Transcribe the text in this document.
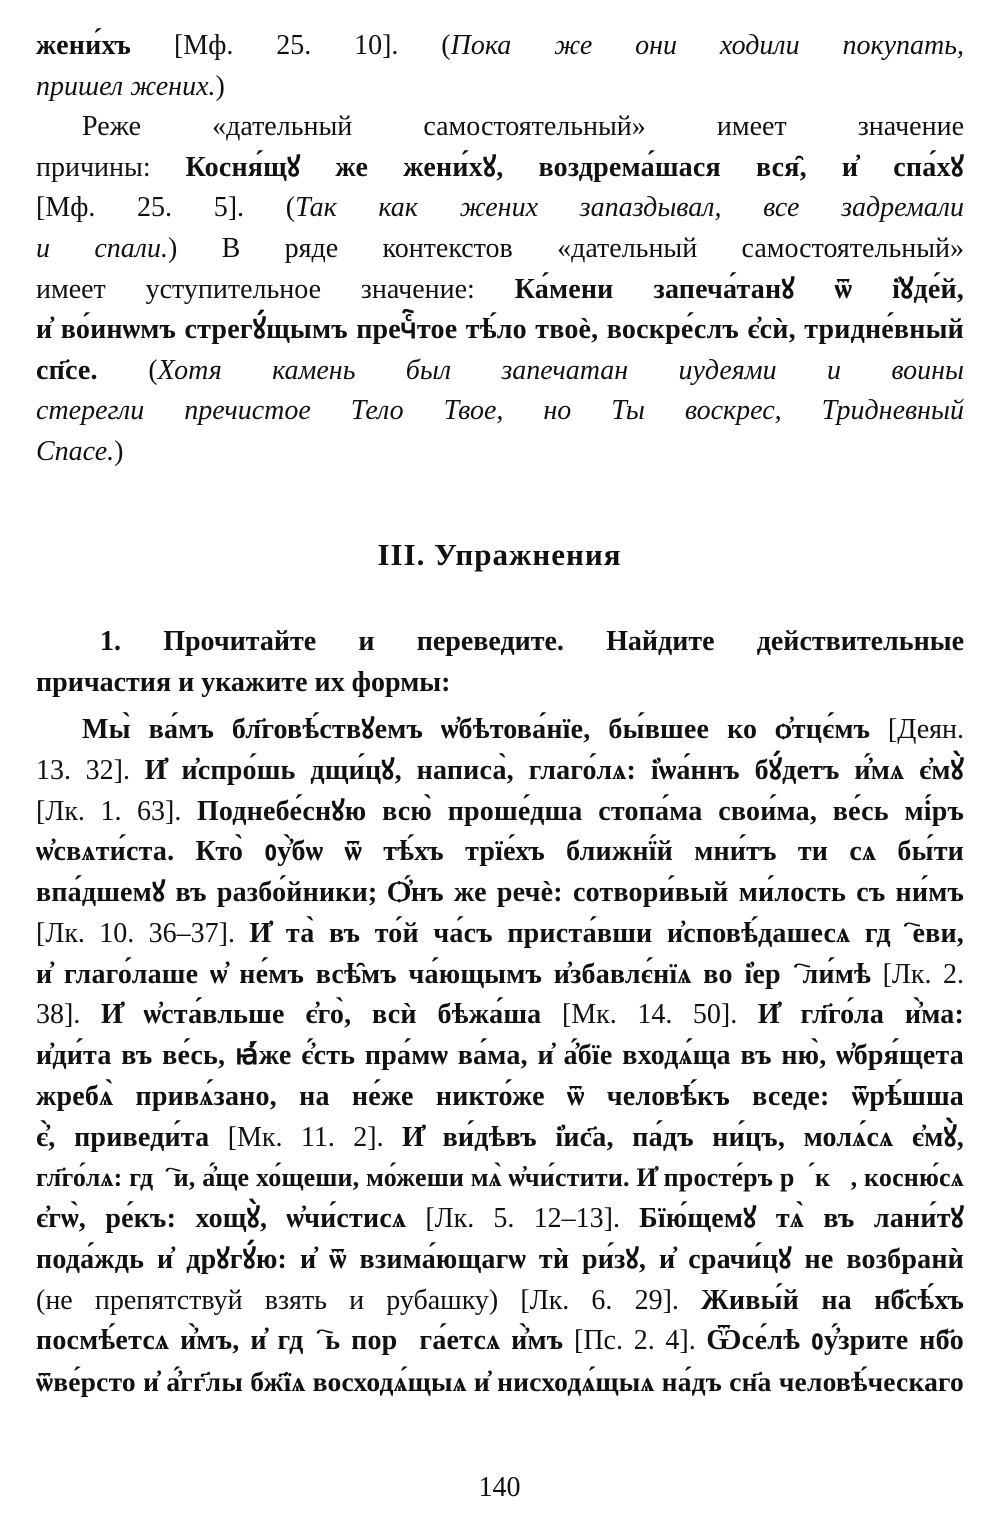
жени́хъ [Мф. 25. 10]. (Пока же они ходили покупать,
пришел жених.)
Реже «дательный самостоятельный» имеет значение
причины: Косня́щꙋ же жени́хꙋ, воздрема́шася вся̑, и҆ спа́хꙋ
[Мф. 25. 5]. (Так как жених запаздывал, все задремали
и спали.) В ряде контекстов «дательный самостоятельный»
имеет уступительное значение: Ка́мени запеча́танꙋ ѿ і҆ꙋде́й,
и҆ во́инѡмъ стрегꙋ́щымъ пречⷭ҇тое тѣ́ло твоѐ, воскре́слъ є҆сѝ, тридне́вный
сп҃се. (Хотя камень был запечатан иудеями и воины
стерегли пречистое Тело Твое, но Ты воскрес, Тридневный
Спасе.)
III. Упражнения
1. Прочитайте и переведите. Найдите действительные
причастия и укажите их формы:
Мы̀ ва́мъ бл҃говѣ́ствꙋемъ ѡ҆бѣтова́нїе, бы́вшее ко ѻ҆тцє́мъ [Деян.
13. 32]. И҆ и҆спро́шь дщи́цꙋ, написа̀, глаго́лѧ: і҆ѡа́ннъ бꙋ́детъ и҆́мѧ є҆мꙋ̀
[Лк. 1. 63]. Поднебе́снꙋю всю̀ проше́дша стопа́ма свои́ма, ве́сь мі́ръ
ѡ҆свѧти́ста. Кто̀ ᲂу҆̀бѡ ѿ тѣ́хъ трїе́хъ ближнї́й мни́тъ ти сѧ бы́ти
впа́дшемꙋ въ разбо́йники; Ѻ҆́нъ же речѐ: сотвори́вый ми́лость съ ни́мъ
[Лк. 10. 36–37]. И҆ та̀ въ то́й ча́съ приста́вши и҆сповѣ́дашесѧ гдⷭ҇еви,
и҆ глаго́лаше ѡ҆ не́мъ всѣ̑мъ ча́ющымъ и҆збавлє́нїѧ во і҆ерⷭ҇ли́мѣ [Лк. 2.
38]. И҆ ѡ҆ста́вльше є҆го̀, всѝ бѣжа́ша [Мк. 14. 50]. И҆ гл҃го́ла и҆̀ма:
и҆ди́та въ ве́сь, ꙗ҆́же є҆́сть пра́мѡ ва́ма, и҆ а҆́бїе входѧ́ща въ ню̀, ѡ҆бря́щета
жребѧ̀ привѧ́зано, на не́же никто́же ѿ человѣ́къ вседе: ѿрѣ́шша
є҆̀, приведи́та [Мк. 11. 2]. И҆ ви́дѣвъ і҆ис҃а, па́дъ ни́цъ, молѧ́сѧ є҆мꙋ̀,
гл҃го́лѧ: гдⷭ҇и, а҆́ще хо́щеши, мо́жеши мѧ̀ ѡ҆чи́стити. И҆ просте́ръ рꙋ́кꙋ, косню́сѧ
є҆гѡ̀, ре́къ: хощꙋ̀, ѡ҆чи́стисѧ [Лк. 5. 12–13]. Бїю́щемꙋ тѧ̀ въ лани́тꙋ
пода́ждь и҆ дрꙋгꙋ́ю: и҆ ѿ взима́ющагѡ тѝ ри́зꙋ, и҆ срачи́цꙋ не возбранѝ
(не препятствуй взять и рубашку) [Лк. 6. 29]. Живы́й на нб҃сѣ́хъ
посмѣ́етсѧ и҆̀мъ, и҆ гдⷭ҇ь порꙋга́етсѧ и҆̀мъ [Пс. 2. 4]. Ѿсе́лѣ ᲂу҆́зрите нб҃о
ѿве́рсто и҆ а҆́гг҃лы бж҃їѧ восходѧ́щыѧ и҆ нисходѧ́щыѧ на́дъ сн҃а человѣ́ческаго
140
